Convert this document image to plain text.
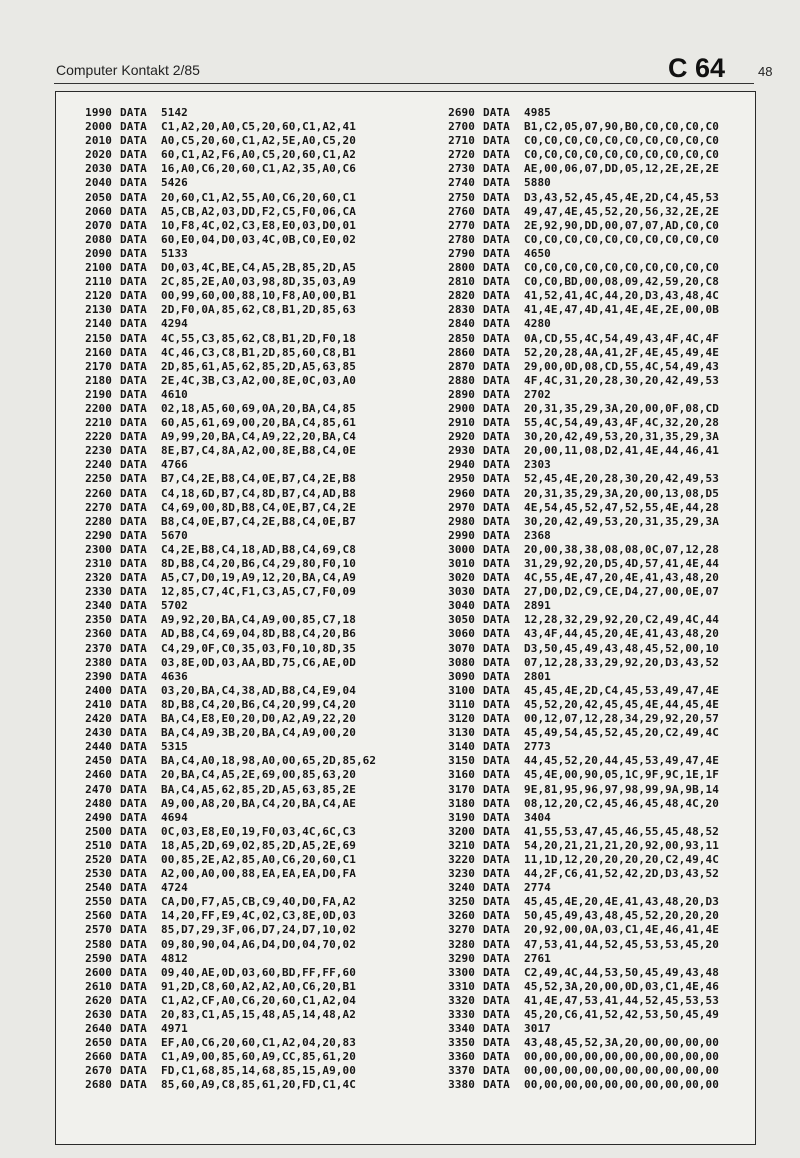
Computer Kontakt 2/85	C 64	48
1990 DATA 5142
2000 DATA C1,A2,20,A0,C5,20,60,C1,A2,41
2010 DATA A0,C5,20,60,C1,A2,5E,A0,C5,20
2020 DATA 60,C1,A2,F6,A0,C5,20,60,C1,A2
2030 DATA 16,A0,C6,20,60,C1,A2,35,A0,C6
2040 DATA 5426
2050 DATA 20,60,C1,A2,55,A0,C6,20,60,C1
2060 DATA A5,CB,A2,03,DD,F2,C5,F0,06,CA
2070 DATA 10,F8,4C,02,C3,E8,E0,03,D0,01
2080 DATA 60,E0,04,D0,03,4C,0B,C0,E0,02
2090 DATA 5133
2100 DATA D0,03,4C,BE,C4,A5,2B,85,2D,A5
2110 DATA 2C,85,2E,A0,03,98,8D,35,03,A9
2120 DATA 00,99,60,00,88,10,F8,A0,00,B1
2130 DATA 2D,F0,0A,85,62,C8,B1,2D,85,63
2140 DATA 4294
2150 DATA 4C,55,C3,85,62,C8,B1,2D,F0,18
2160 DATA 4C,46,C3,C8,B1,2D,85,60,C8,B1
2170 DATA 2D,85,61,A5,62,85,2D,A5,63,85
2180 DATA 2E,4C,3B,C3,A2,00,8E,0C,03,A0
2190 DATA 4610
2200 DATA 02,18,A5,60,69,0A,20,BA,C4,85
2210 DATA 60,A5,61,69,00,20,BA,C4,85,61
2220 DATA A9,99,20,BA,C4,A9,22,20,BA,C4
2230 DATA 8E,B7,C4,8A,A2,00,8E,B8,C4,0E
2240 DATA 4766
2250 DATA B7,C4,2E,B8,C4,0E,B7,C4,2E,B8
2260 DATA C4,18,6D,B7,C4,8D,B7,C4,AD,B8
2270 DATA C4,69,00,8D,B8,C4,0E,B7,C4,2E
2280 DATA B8,C4,0E,B7,C4,2E,B8,C4,0E,B7
2290 DATA 5670
2300 DATA C4,2E,B8,C4,18,AD,B8,C4,69,C8
2310 DATA 8D,B8,C4,20,B6,C4,29,80,F0,10
2320 DATA A5,C7,D0,19,A9,12,20,BA,C4,A9
2330 DATA 12,85,C7,4C,F1,C3,A5,C7,F0,09
2340 DATA 5702
2350 DATA A9,92,20,BA,C4,A9,00,85,C7,18
2360 DATA AD,B8,C4,69,04,8D,B8,C4,20,B6
2370 DATA C4,29,0F,C0,35,03,F0,10,8D,35
2380 DATA 03,8E,0D,03,AA,BD,75,C6,AE,0D
2390 DATA 4636
2400 DATA 03,20,BA,C4,38,AD,B8,C4,E9,04
2410 DATA 8D,B8,C4,20,B6,C4,20,99,C4,20
2420 DATA BA,C4,E8,E0,20,D0,A2,A9,22,20
2430 DATA BA,C4,A9,3B,20,BA,C4,A9,00,20
2440 DATA 5315
2450 DATA BA,C4,A0,18,98,A0,00,65,2D,85,62
2460 DATA 20,BA,C4,A5,2E,69,00,85,63,20
2470 DATA BA,C4,A5,62,85,2D,A5,63,85,2E
2480 DATA A9,00,A8,20,BA,C4,20,BA,C4,AE
2490 DATA 4694
2500 DATA 0C,03,E8,E0,19,F0,03,4C,6C,C3
2510 DATA 18,A5,2D,69,02,85,2D,A5,2E,69
2520 DATA 00,85,2E,A2,85,A0,C6,20,60,C1
2530 DATA A2,00,A0,00,88,EA,EA,EA,D0,FA
2540 DATA 4724
2550 DATA CA,D0,F7,A5,CB,C9,40,D0,FA,A2
2560 DATA 14,20,FF,E9,4C,02,C3,8E,0D,03
2570 DATA 85,D7,29,3F,06,D7,24,D7,10,02
2580 DATA 09,80,90,04,A6,D4,D0,04,70,02
2590 DATA 4812
2600 DATA 09,40,AE,0D,03,60,BD,FF,FF,60
2610 DATA 91,2D,C8,60,A2,A2,A0,C6,20,B1
2620 DATA C1,A2,CF,A0,C6,20,60,C1,A2,04
2630 DATA 20,83,C1,A5,15,48,A5,14,48,A2
2640 DATA 4971
2650 DATA EF,A0,C6,20,60,C1,A2,04,20,83
2660 DATA C1,A9,00,85,60,A9,CC,85,61,20
2670 DATA FD,C1,68,85,14,68,85,15,A9,00
2680 DATA 85,60,A9,C8,85,61,20,FD,C1,4C
2690 DATA 4985
2700 DATA B1,C2,05,07,90,B0,C0,C0,C0,C0
2710 DATA C0,C0,C0,C0,C0,C0,C0,C0,C0,C0
2720 DATA C0,C0,C0,C0,C0,C0,C0,C0,C0,C0
2730 DATA AE,00,06,07,DD,05,12,2E,2E,2E
2740 DATA 5880
2750 DATA D3,43,52,45,45,4E,2D,C4,45,53
2760 DATA 49,47,4E,45,52,20,56,32,2E,2E
2770 DATA 2E,92,90,DD,00,07,07,AD,C0,C0
2780 DATA C0,C0,C0,C0,C0,C0,C0,C0,C0,C0
2790 DATA 4650
2800 DATA C0,C0,C0,C0,C0,C0,C0,C0,C0,C0
2810 DATA C0,C0,BD,00,08,09,42,59,20,C8
2820 DATA 41,52,41,4C,44,20,D3,43,48,4C
2830 DATA 41,4E,47,4D,41,4E,4E,2E,00,0B
2840 DATA 4280
2850 DATA 0A,CD,55,4C,54,49,43,4F,4C,4F
2860 DATA 52,20,28,4A,41,2F,4E,45,49,4E
2870 DATA 29,00,0D,08,CD,55,4C,54,49,43
2880 DATA 4F,4C,31,20,28,30,20,42,49,53
2890 DATA 2702
2900 DATA 20,31,35,29,3A,20,00,0F,08,CD
2910 DATA 55,4C,54,49,43,4F,4C,32,20,28
2920 DATA 30,20,42,49,53,20,31,35,29,3A
2930 DATA 20,00,11,08,D2,41,4E,44,46,41
2940 DATA 2303
2950 DATA 52,45,4E,20,28,30,20,42,49,53
2960 DATA 20,31,35,29,3A,20,00,13,08,D5
2970 DATA 4E,54,45,52,47,52,55,4E,44,28
2980 DATA 30,20,42,49,53,20,31,35,29,3A
2990 DATA 2368
3000 DATA 20,00,38,38,08,08,0C,07,12,28
3010 DATA 31,29,92,20,D5,4D,57,41,4E,44
3020 DATA 4C,55,4E,47,20,4E,41,43,48,20
3030 DATA 27,D0,D2,C9,CE,D4,27,00,0E,07
3040 DATA 2891
3050 DATA 12,28,32,29,92,20,C2,49,4C,44
3060 DATA 43,4F,44,45,20,4E,41,43,48,20
3070 DATA D3,50,45,49,43,48,45,52,00,10
3080 DATA 07,12,28,33,29,92,20,D3,43,52
3090 DATA 2801
3100 DATA 45,45,4E,2D,C4,45,53,49,47,4E
3110 DATA 45,52,20,42,45,45,4E,44,45,4E
3120 DATA 00,12,07,12,28,34,29,92,20,57
3130 DATA 45,49,54,45,52,45,20,C2,49,4C
3140 DATA 2773
3150 DATA 44,45,52,20,44,45,53,49,47,4E
3160 DATA 45,4E,00,90,05,1C,9F,9C,1E,1F
3170 DATA 9E,81,95,96,97,98,99,9A,9B,14
3180 DATA 08,12,20,C2,45,46,45,48,4C,20
3190 DATA 3404
3200 DATA 41,55,53,47,45,46,55,45,48,52
3210 DATA 54,20,21,21,21,20,92,00,93,11
3220 DATA 11,1D,12,20,20,20,20,C2,49,4C
3230 DATA 44,2F,C6,41,52,42,2D,D3,43,52
3240 DATA 2774
3250 DATA 45,45,4E,20,4E,41,43,48,20,D3
3260 DATA 50,45,49,43,48,45,52,20,20,20
3270 DATA 20,92,00,0A,03,C1,4E,46,41,4E
3280 DATA 47,53,41,44,52,45,53,53,45,20
3290 DATA 2761
3300 DATA C2,49,4C,44,53,50,45,49,43,48
3310 DATA 45,52,3A,20,00,0D,03,C1,4E,46
3320 DATA 41,4E,47,53,41,44,52,45,53,53
3330 DATA 45,20,C6,41,52,42,53,50,45,49
3340 DATA 3017
3350 DATA 43,48,45,52,3A,20,00,00,00,00
3360 DATA 00,00,00,00,00,00,00,00,00,00
3370 DATA 00,00,00,00,00,00,00,00,00,00
3380 DATA 00,00,00,00,00,00,00,00,00,00
